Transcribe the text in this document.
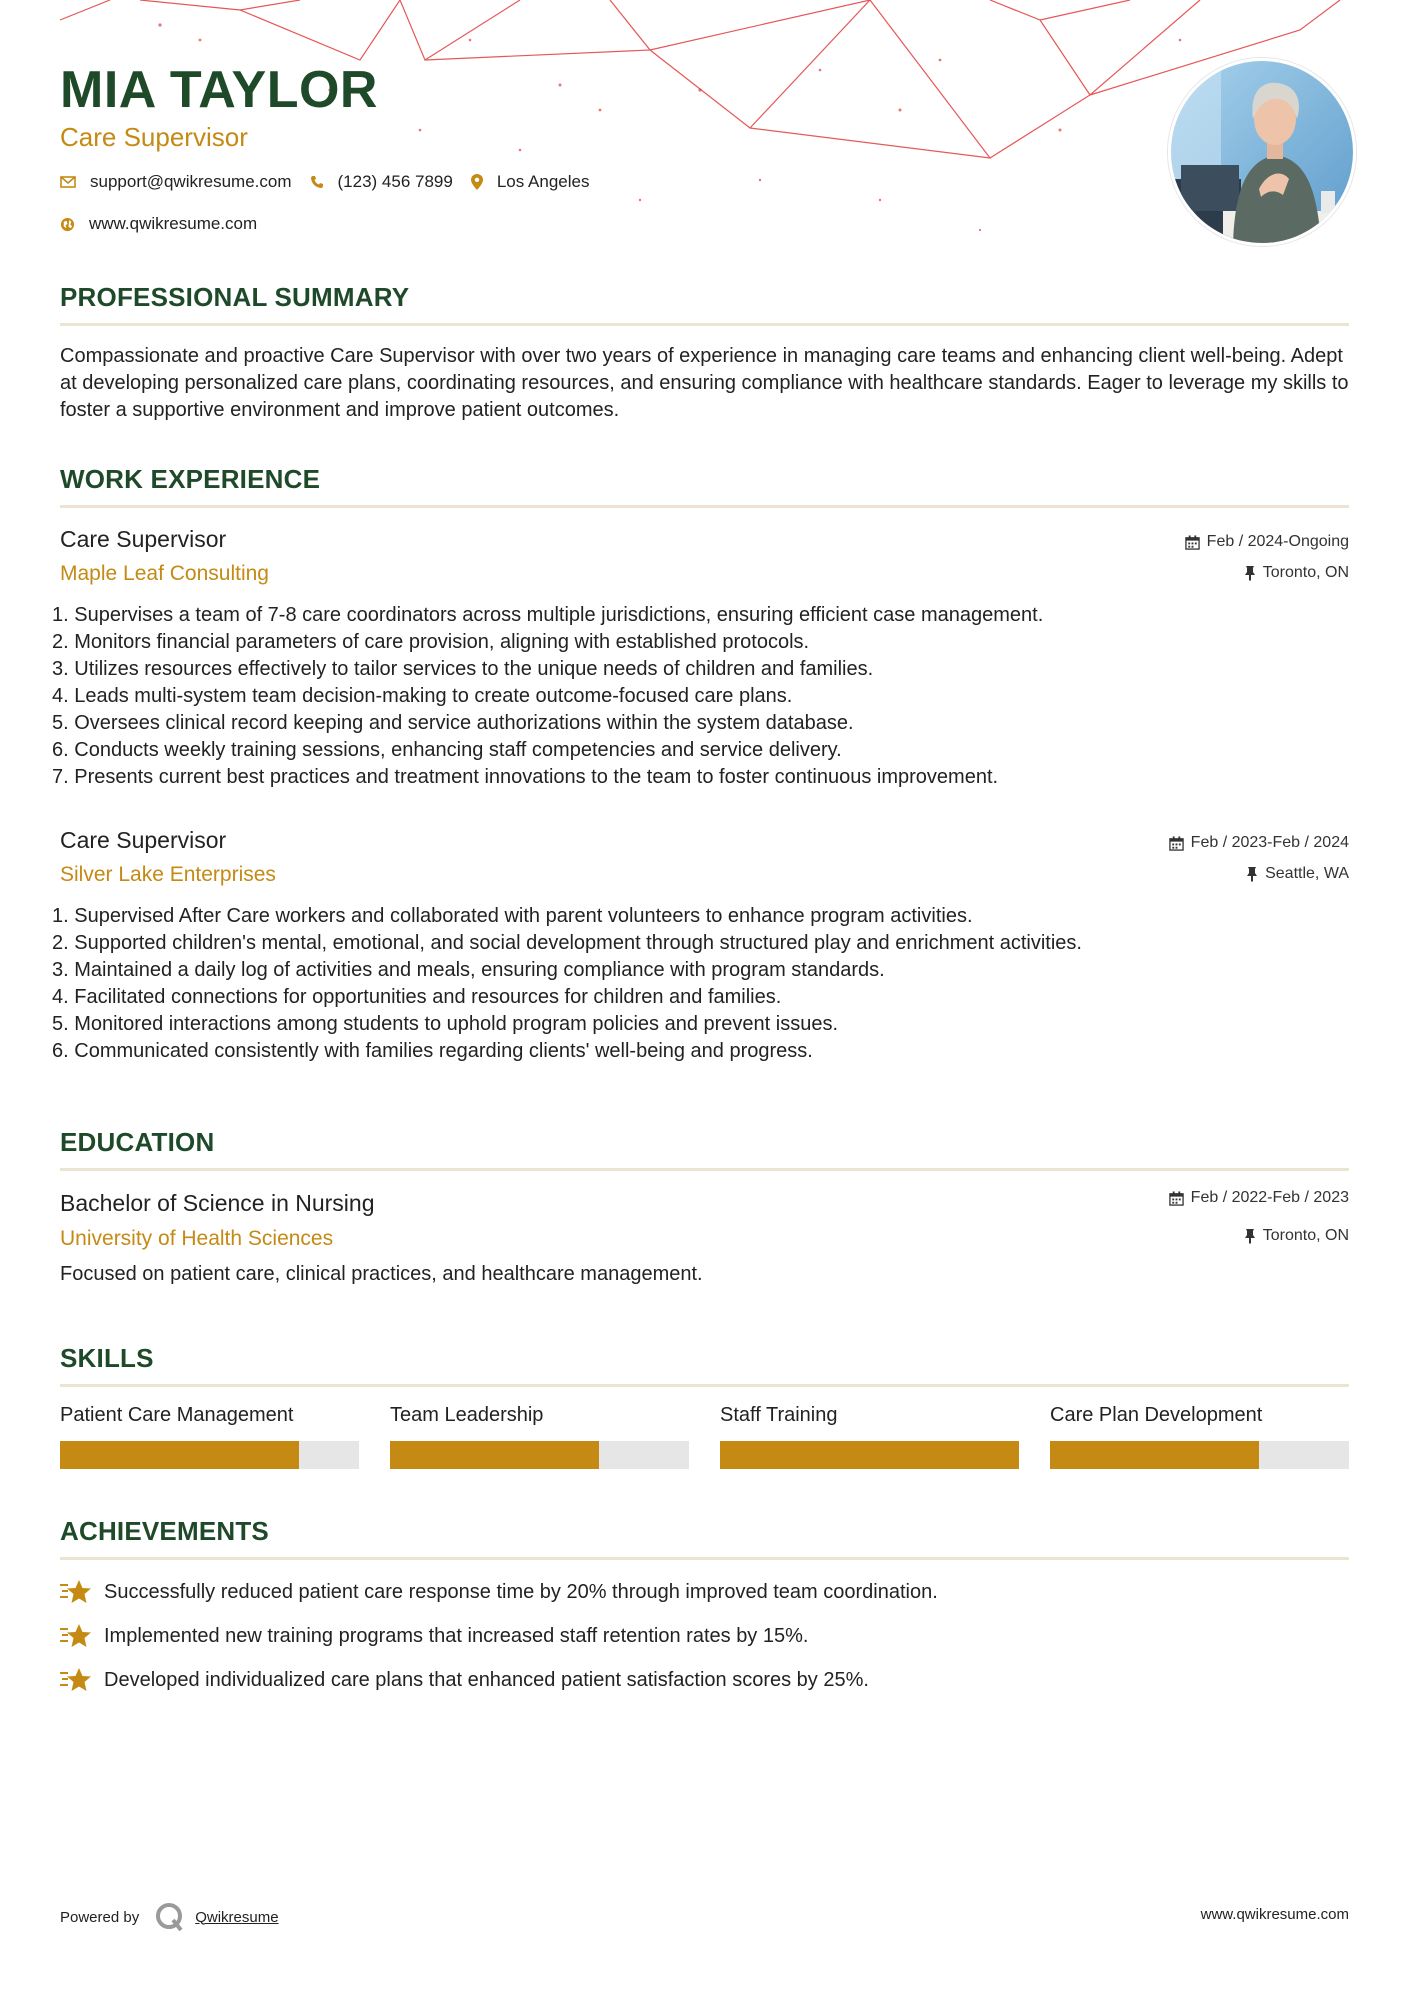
MIA TAYLOR
Care Supervisor
support@qwikresume.com	(123) 456 7899	Los Angeles
www.qwikresume.com
PROFESSIONAL SUMMARY

Compassionate and proactive Care Supervisor with over two years of experience in managing care teams and enhancing client well-being. Adept at developing personalized care plans, coordinating resources, and ensuring compliance with healthcare standards. Eager to leverage my skills to foster a supportive environment and improve patient outcomes.

WORK EXPERIENCE
Care Supervisor
Maple Leaf Consulting
Feb / 2024-Ongoing
Toronto, ON
1. Supervises a team of 7-8 care coordinators across multiple jurisdictions, ensuring efficient case management.
2. Monitors financial parameters of care provision, aligning with established protocols.
3. Utilizes resources effectively to tailor services to the unique needs of children and families.
4. Leads multi-system team decision-making to create outcome-focused care plans.
5. Oversees clinical record keeping and service authorizations within the system database.
6. Conducts weekly training sessions, enhancing staff competencies and service delivery.
7. Presents current best practices and treatment innovations to the team to foster continuous improvement.
Care Supervisor
Silver Lake Enterprises
Feb / 2023-Feb / 2024
Seattle, WA
1. Supervised After Care workers and collaborated with parent volunteers to enhance program activities.
2. Supported children's mental, emotional, and social development through structured play and enrichment activities.
3. Maintained a daily log of activities and meals, ensuring compliance with program standards.
4. Facilitated connections for opportunities and resources for children and families.
5. Monitored interactions among students to uphold program policies and prevent issues.
6. Communicated consistently with families regarding clients' well-being and progress.
EDUCATION
Bachelor of Science in Nursing
University of Health Sciences
Feb / 2022-Feb / 2023
Toronto, ON

Focused on patient care, clinical practices, and healthcare management.

SKILLS
Patient Care Management	Team Leadership	Staff Training	Care Plan Development
ACHIEVEMENTS
Successfully reduced patient care response time by 20% through improved team coordination.
Implemented new training programs that increased staff retention rates by 15%.
Developed individualized care plans that enhanced patient satisfaction scores by 25%.
Powered by	Qwikresume	www.qwikresume.com
